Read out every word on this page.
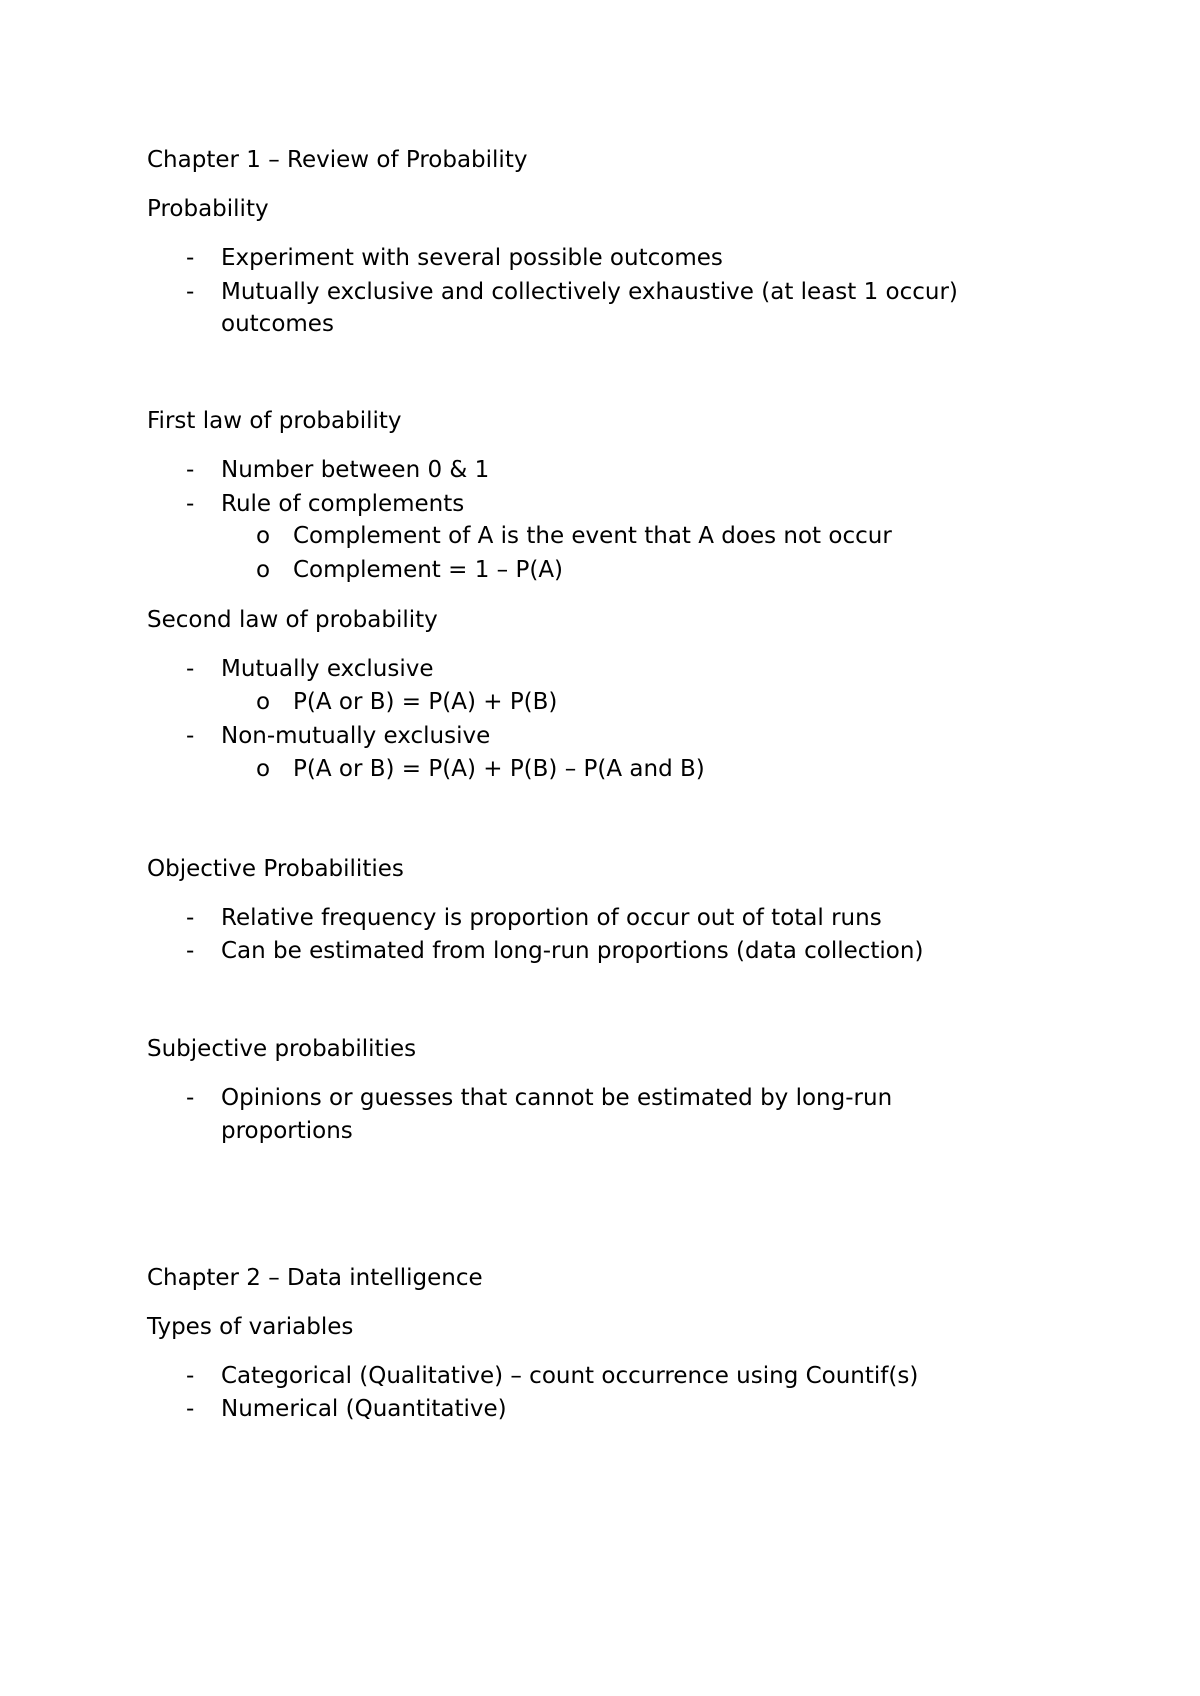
Chapter 1 – Review of Probability
Probability
- Experiment with several possible outcomes
- Mutually exclusive and collectively exhaustive (at least 1 occur)
outcomes
First law of probability
- Number between 0 & 1
- Rule of complements
o Complement of A is the event that A does not occur
o Complement = 1 – P(A)
Second law of probability
- Mutually exclusive
o P(A or B) = P(A) + P(B)
- Non-mutually exclusive
o P(A or B) = P(A) + P(B) – P(A and B)
Objective Probabilities
- Relative frequency is proportion of occur out of total runs
- Can be estimated from long-run proportions (data collection)
Subjective probabilities
- Opinions or guesses that cannot be estimated by long-run
proportions
Chapter 2 – Data intelligence
Types of variables
- Categorical (Qualitative) – count occurrence using Countif(s)
- Numerical (Quantitative)
